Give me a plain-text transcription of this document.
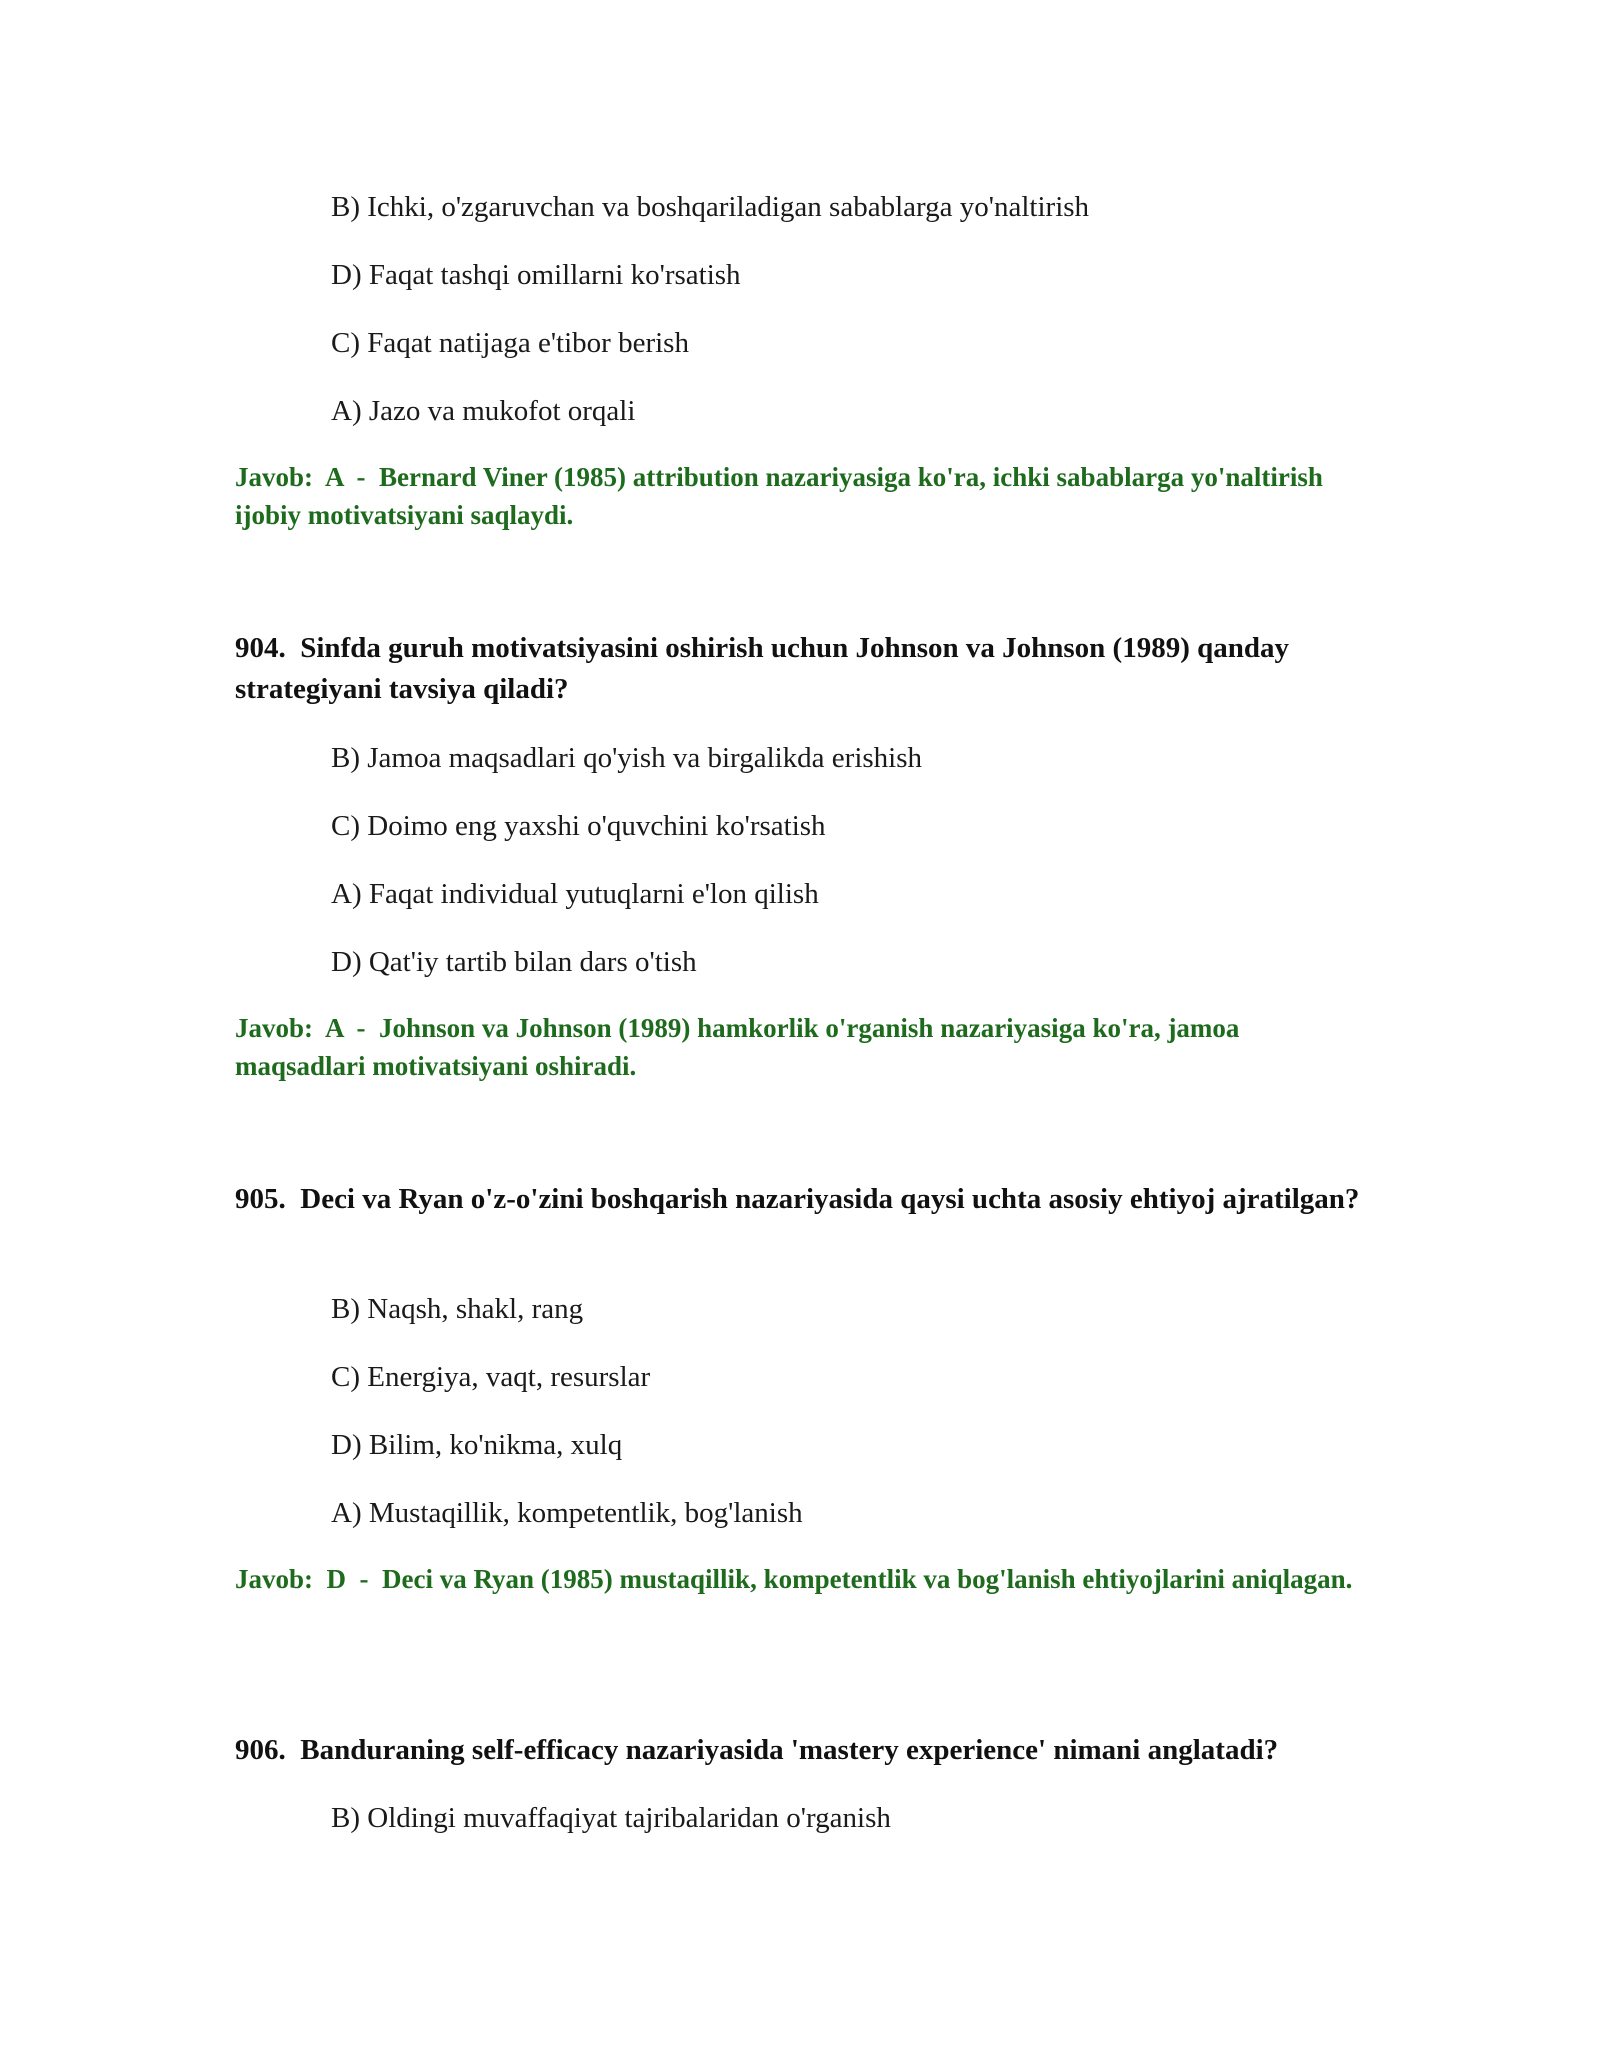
B) Ichki, o'zgaruvchan va boshqariladigan sabablarga yo'naltirish
D) Faqat tashqi omillarni ko'rsatish
C) Faqat natijaga e'tibor berish
A) Jazo va mukofot orqali
Javob: A - Bernard Viner (1985) attribution nazariyasiga ko'ra, ichki sabablarga yo'naltirish ijobiy motivatsiyani saqlaydi.
904. Sinfda guruh motivatsiyasini oshirish uchun Johnson va Johnson (1989) qanday strategiyani tavsiya qiladi?
B) Jamoa maqsadlari qo'yish va birgalikda erishish
C) Doimo eng yaxshi o'quvchini ko'rsatish
A) Faqat individual yutuqlarni e'lon qilish
D) Qat'iy tartib bilan dars o'tish
Javob: A - Johnson va Johnson (1989) hamkorlik o'rganish nazariyasiga ko'ra, jamoa maqsadlari motivatsiyani oshiradi.
905. Deci va Ryan o'z-o'zini boshqarish nazariyasida qaysi uchta asosiy ehtiyoj ajratilgan?
B) Naqsh, shakl, rang
C) Energiya, vaqt, resurslar
D) Bilim, ko'nikma, xulq
A) Mustaqillik, kompetentlik, bog'lanish
Javob: D - Deci va Ryan (1985) mustaqillik, kompetentlik va bog'lanish ehtiyojlarini aniqlagan.
906. Banduraning self-efficacy nazariyasida 'mastery experience' nimani anglatadi?
B) Oldingi muvaffaqiyat tajribalaridan o'rganish
